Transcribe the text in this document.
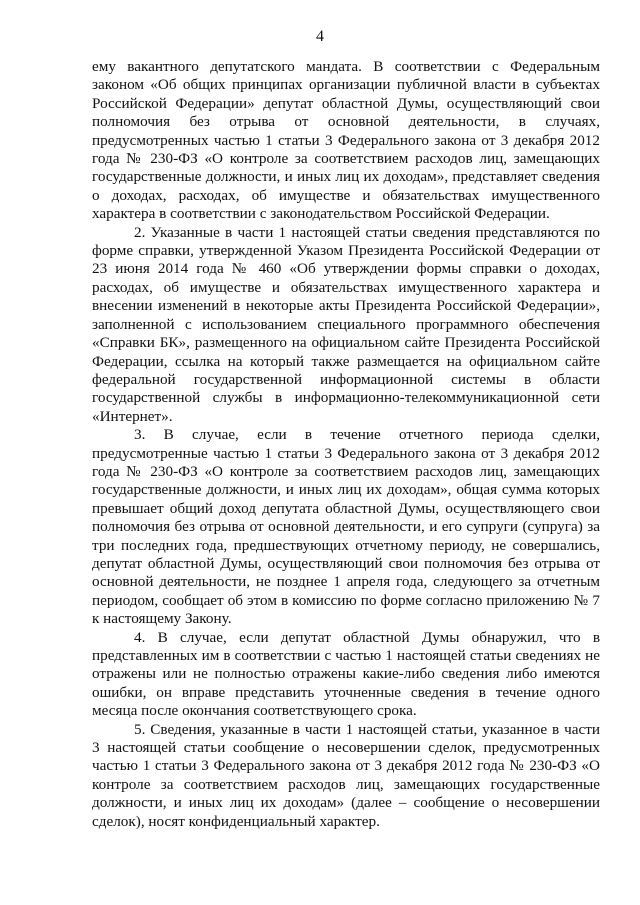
4

ему вакантного депутатского мандата. В соответствии с Федеральным законом «Об общих принципах организации публичной власти в субъектах Российской Федерации» депутат областной Думы, осуществляющий свои полномочия без отрыва от основной деятельности, в случаях, предусмотренных частью 1 статьи 3 Федерального закона от 3 декабря 2012 года № 230-ФЗ «О контроле за соответствием расходов лиц, замещающих государственные должности, и иных лиц их доходам», представляет сведения о доходах, расходах, об имуществе и обязательствах имущественного характера в соответствии с законодательством Российской Федерации.

2. Указанные в части 1 настоящей статьи сведения представляются по форме справки, утвержденной Указом Президента Российской Федерации от 23 июня 2014 года № 460 «Об утверждении формы справки о доходах, расходах, об имуществе и обязательствах имущественного характера и внесении изменений в некоторые акты Президента Российской Федерации», заполненной с использованием специального программного обеспечения «Справки БК», размещенного на официальном сайте Президента Российской Федерации, ссылка на который также размещается на официальном сайте федеральной государственной информационной системы в области государственной службы в информационно-телекоммуникационной сети «Интернет».

3. В случае, если в течение отчетного периода сделки, предусмотренные частью 1 статьи 3 Федерального закона от 3 декабря 2012 года № 230-ФЗ «О контроле за соответствием расходов лиц, замещающих государственные должности, и иных лиц их доходам», общая сумма которых превышает общий доход депутата областной Думы, осуществляющего свои полномочия без отрыва от основной деятельности, и его супруги (супруга) за три последних года, предшествующих отчетному периоду, не совершались, депутат областной Думы, осуществляющий свои полномочия без отрыва от основной деятельности, не позднее 1 апреля года, следующего за отчетным периодом, сообщает об этом в комиссию по форме согласно приложению № 7 к настоящему Закону.

4. В случае, если депутат областной Думы обнаружил, что в представленных им в соответствии с частью 1 настоящей статьи сведениях не отражены или не полностью отражены какие-либо сведения либо имеются ошибки, он вправе представить уточненные сведения в течение одного месяца после окончания соответствующего срока.

5. Сведения, указанные в части 1 настоящей статьи, указанное в части 3 настоящей статьи сообщение о несовершении сделок, предусмотренных частью 1 статьи 3 Федерального закона от 3 декабря 2012 года № 230-ФЗ «О контроле за соответствием расходов лиц, замещающих государственные должности, и иных лиц их доходам» (далее – сообщение о несовершении сделок), носят конфиденциальный характер.
